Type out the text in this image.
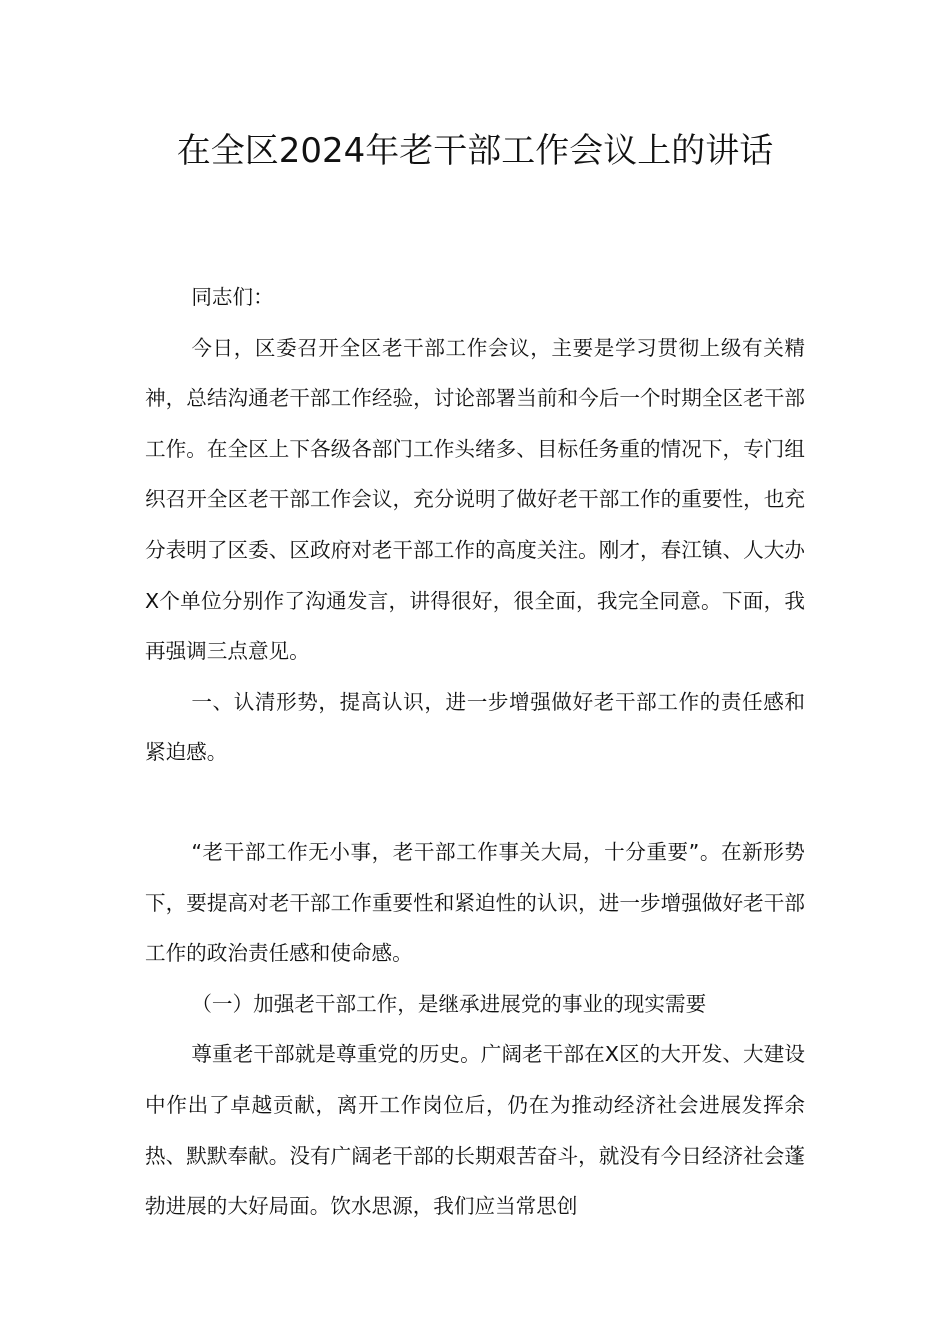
在全区2024年老干部工作会议上的讲话

同志们：

今日，区委召开全区老干部工作会议，主要是学习贯彻上级有关精神，总结沟通老干部工作经验，讨论部署当前和今后一个时期全区老干部工作。在全区上下各级各部门工作头绪多、目标任务重的情况下，专门组织召开全区老干部工作会议，充分说明了做好老干部工作的重要性，也充分表明了区委、区政府对老干部工作的高度关注。刚才，春江镇、人大办X个单位分别作了沟通发言，讲得很好，很全面，我完全同意。下面，我再强调三点意见。

一、认清形势，提高认识，进一步增强做好老干部工作的责任感和紧迫感。

“老干部工作无小事，老干部工作事关大局，十分重要”。在新形势下，要提高对老干部工作重要性和紧迫性的认识，进一步增强做好老干部工作的政治责任感和使命感。

（一）加强老干部工作，是继承进展党的事业的现实需要

尊重老干部就是尊重党的历史。广阔老干部在X区的大开发、大建设中作出了卓越贡献，离开工作岗位后，仍在为推动经济社会进展发挥余热、默默奉献。没有广阔老干部的长期艰苦奋斗，就没有今日经济社会蓬勃进展的大好局面。饮水思源，我们应当常思创
